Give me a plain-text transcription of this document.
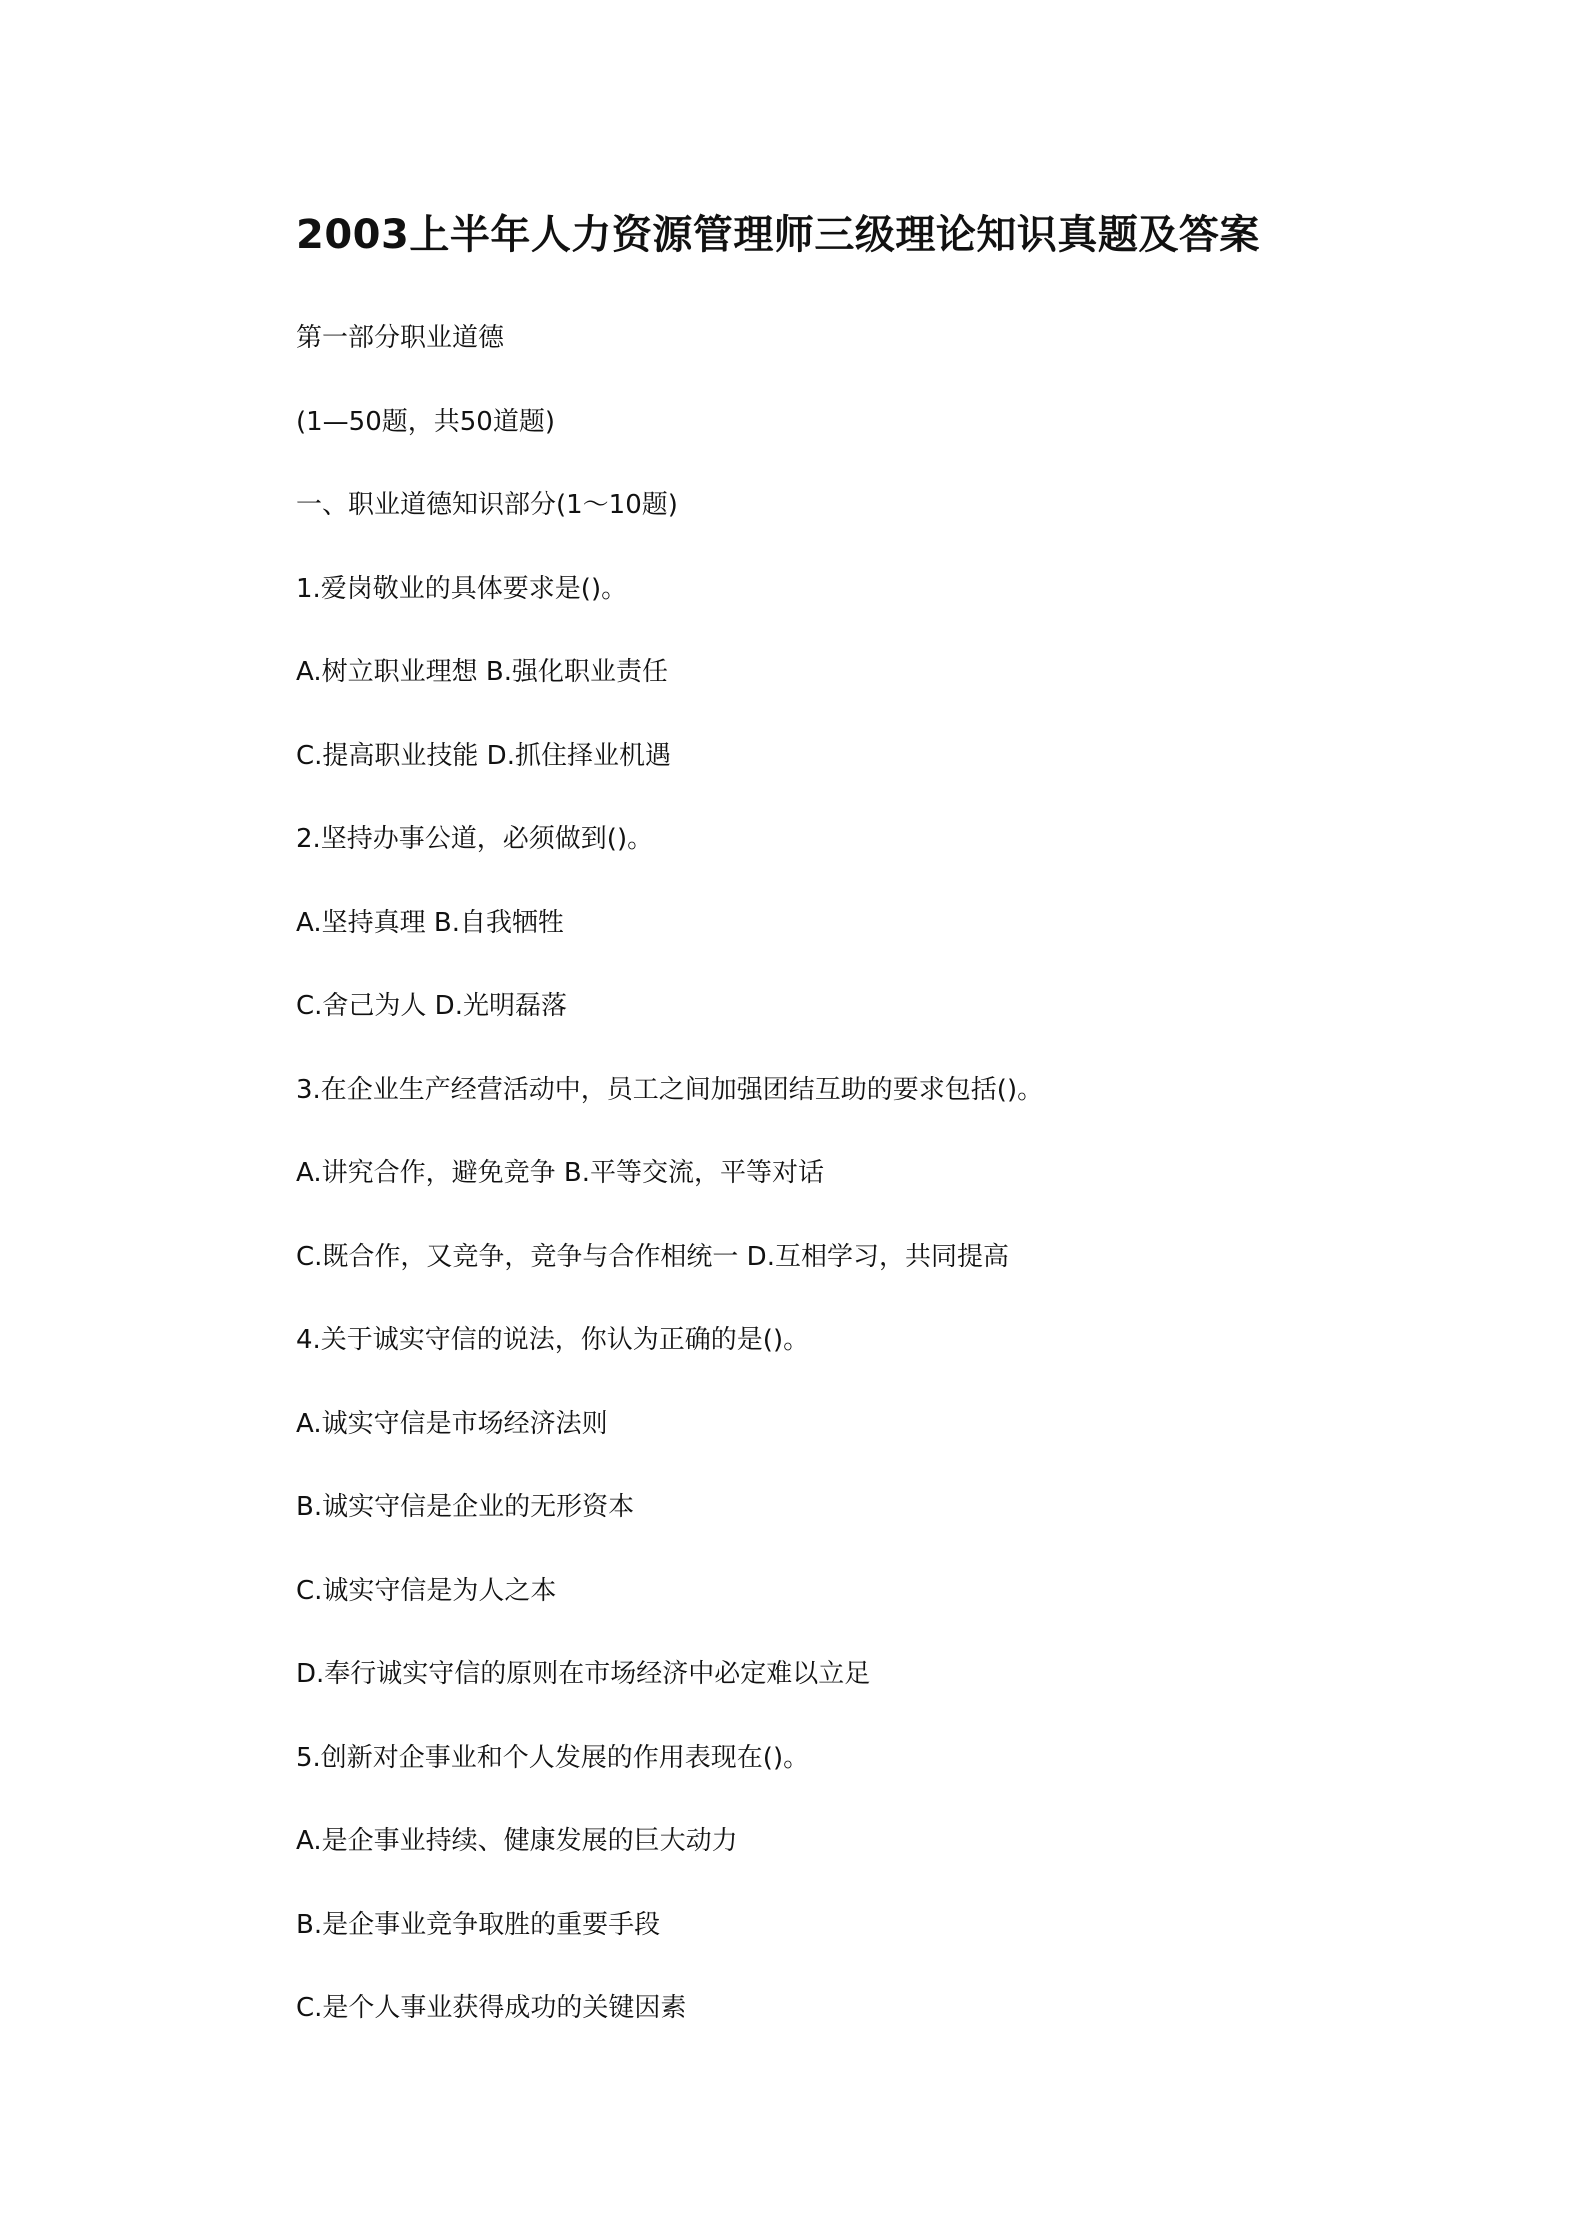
2003上半年人力资源管理师三级理论知识真题及答案
第一部分职业道德
(1—50题，共50道题)
一、职业道德知识部分(1～10题)
1.爱岗敬业的具体要求是()。
A.树立职业理想 B.强化职业责任
C.提高职业技能 D.抓住择业机遇
2.坚持办事公道，必须做到()。
A.坚持真理 B.自我牺牲
C.舍己为人 D.光明磊落
3.在企业生产经营活动中，员工之间加强团结互助的要求包括()。
A.讲究合作，避免竞争 B.平等交流，平等对话
C.既合作，又竞争，竞争与合作相统一 D.互相学习，共同提高
4.关于诚实守信的说法，你认为正确的是()。
A.诚实守信是市场经济法则
B.诚实守信是企业的无形资本
C.诚实守信是为人之本
D.奉行诚实守信的原则在市场经济中必定难以立足
5.创新对企事业和个人发展的作用表现在()。
A.是企事业持续、健康发展的巨大动力
B.是企事业竞争取胜的重要手段
C.是个人事业获得成功的关键因素
